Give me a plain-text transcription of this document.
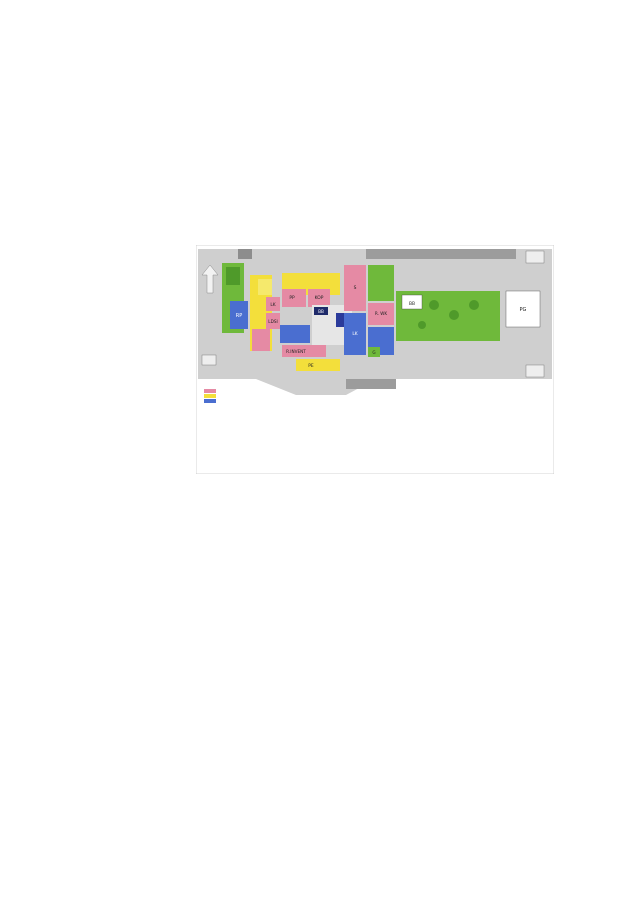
RP
LK
LDSI
PP	KOP
BB
R.INVENT
PE
S
LK
R. WK
G
BB
PG
